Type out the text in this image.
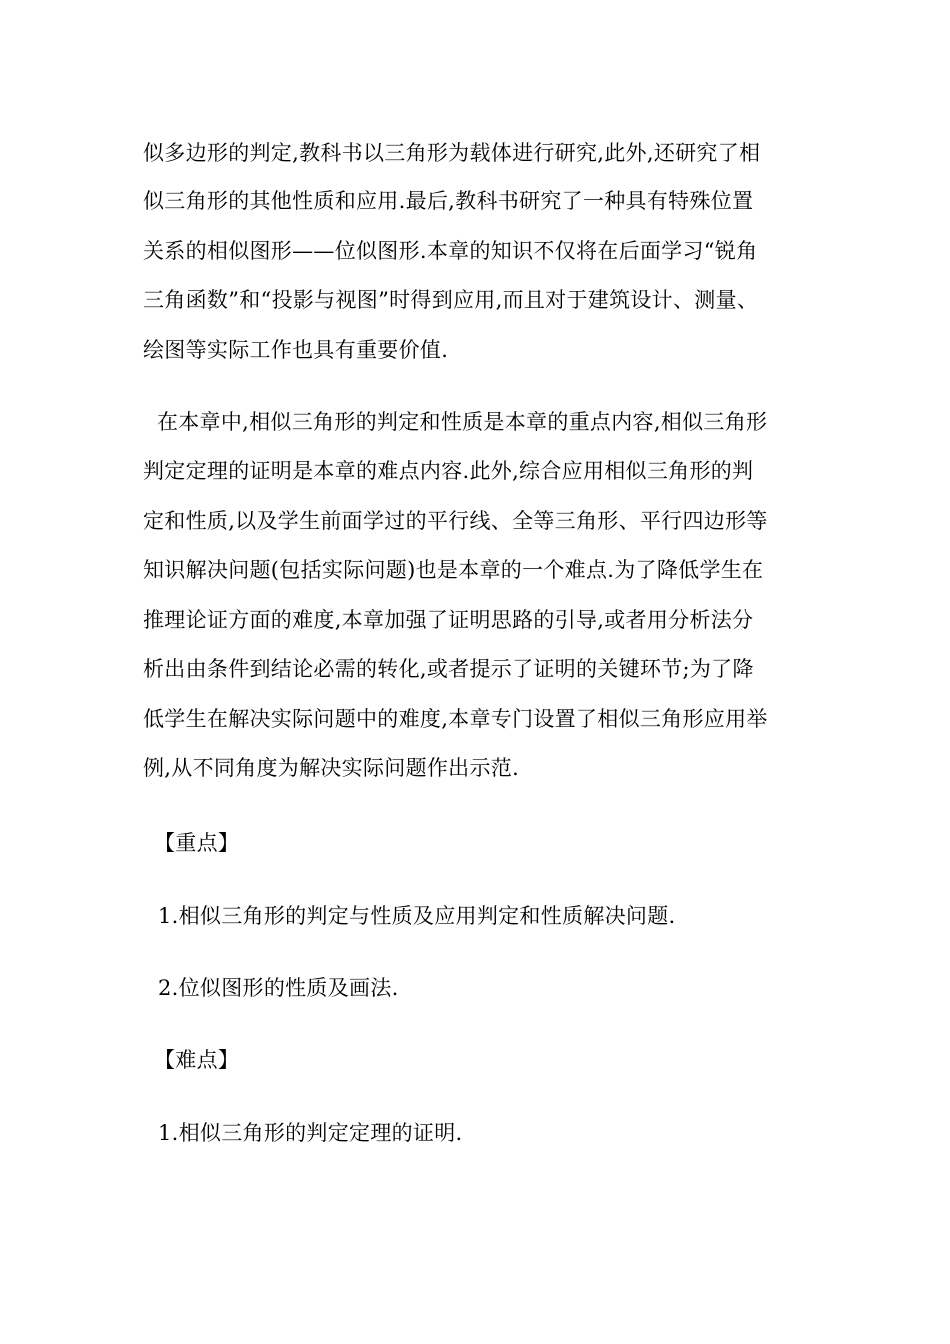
似多边形的判定,教科书以三角形为载体进行研究,此外,还研究了相
似三角形的其他性质和应用.最后,教科书研究了一种具有特殊位置
关系的相似图形——位似图形.本章的知识不仅将在后面学习“锐角
三角函数”和“投影与视图”时得到应用,而且对于建筑设计、测量、
绘图等实际工作也具有重要价值.
在本章中,相似三角形的判定和性质是本章的重点内容,相似三角形
判定定理的证明是本章的难点内容.此外,综合应用相似三角形的判
定和性质,以及学生前面学过的平行线、全等三角形、平行四边形等
知识解决问题(包括实际问题)也是本章的一个难点.为了降低学生在
推理论证方面的难度,本章加强了证明思路的引导,或者用分析法分
析出由条件到结论必需的转化,或者提示了证明的关键环节;为了降
低学生在解决实际问题中的难度,本章专门设置了相似三角形应用举
例,从不同角度为解决实际问题作出示范.
【重点】
1.相似三角形的判定与性质及应用判定和性质解决问题.
2.位似图形的性质及画法.
【难点】
1.相似三角形的判定定理的证明.
